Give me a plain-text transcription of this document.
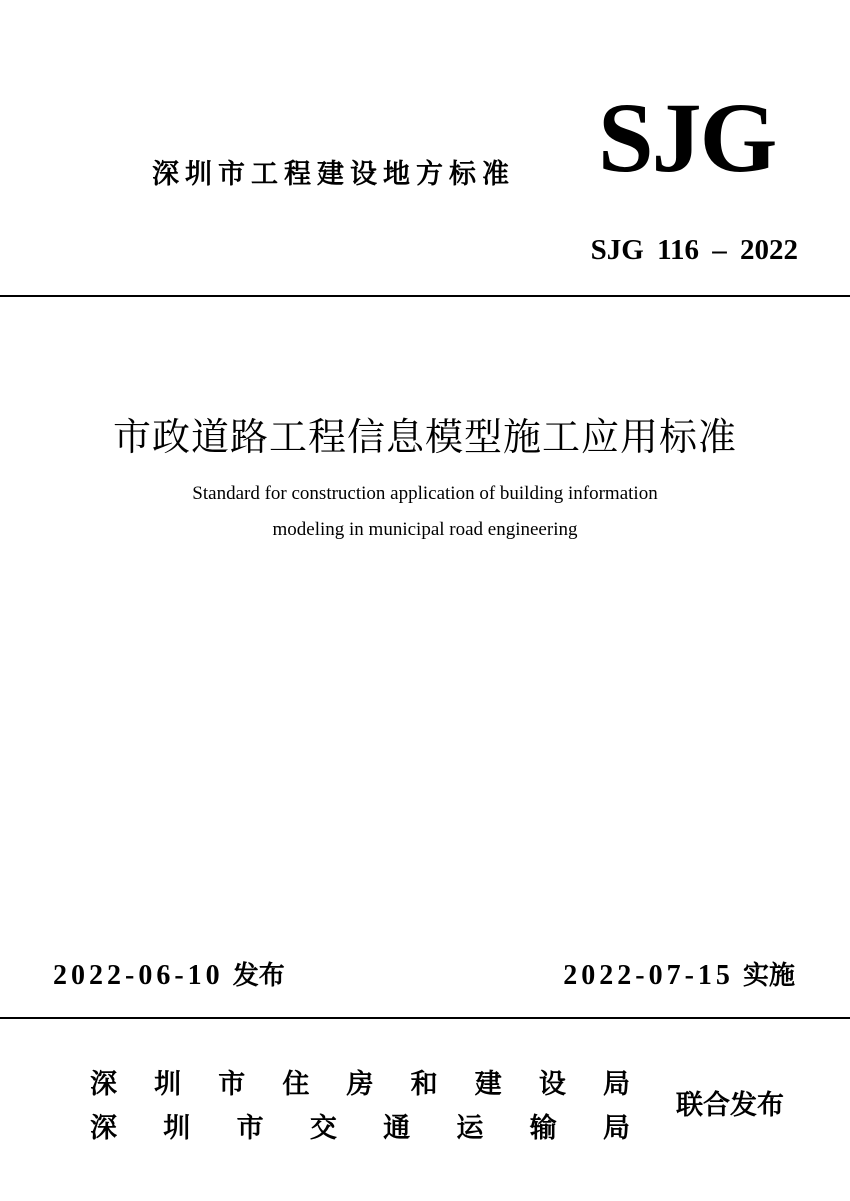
深圳市工程建设地方标准 SJG
SJG 116 – 2022
市政道路工程信息模型施工应用标准
Standard for construction application of building information
modeling in municipal road engineering
2022-06-10 发布	2022-07-15 实施
深 圳 市 住 房 和 建 设 局
深 圳 市 交 通 运 输 局
联合发布
